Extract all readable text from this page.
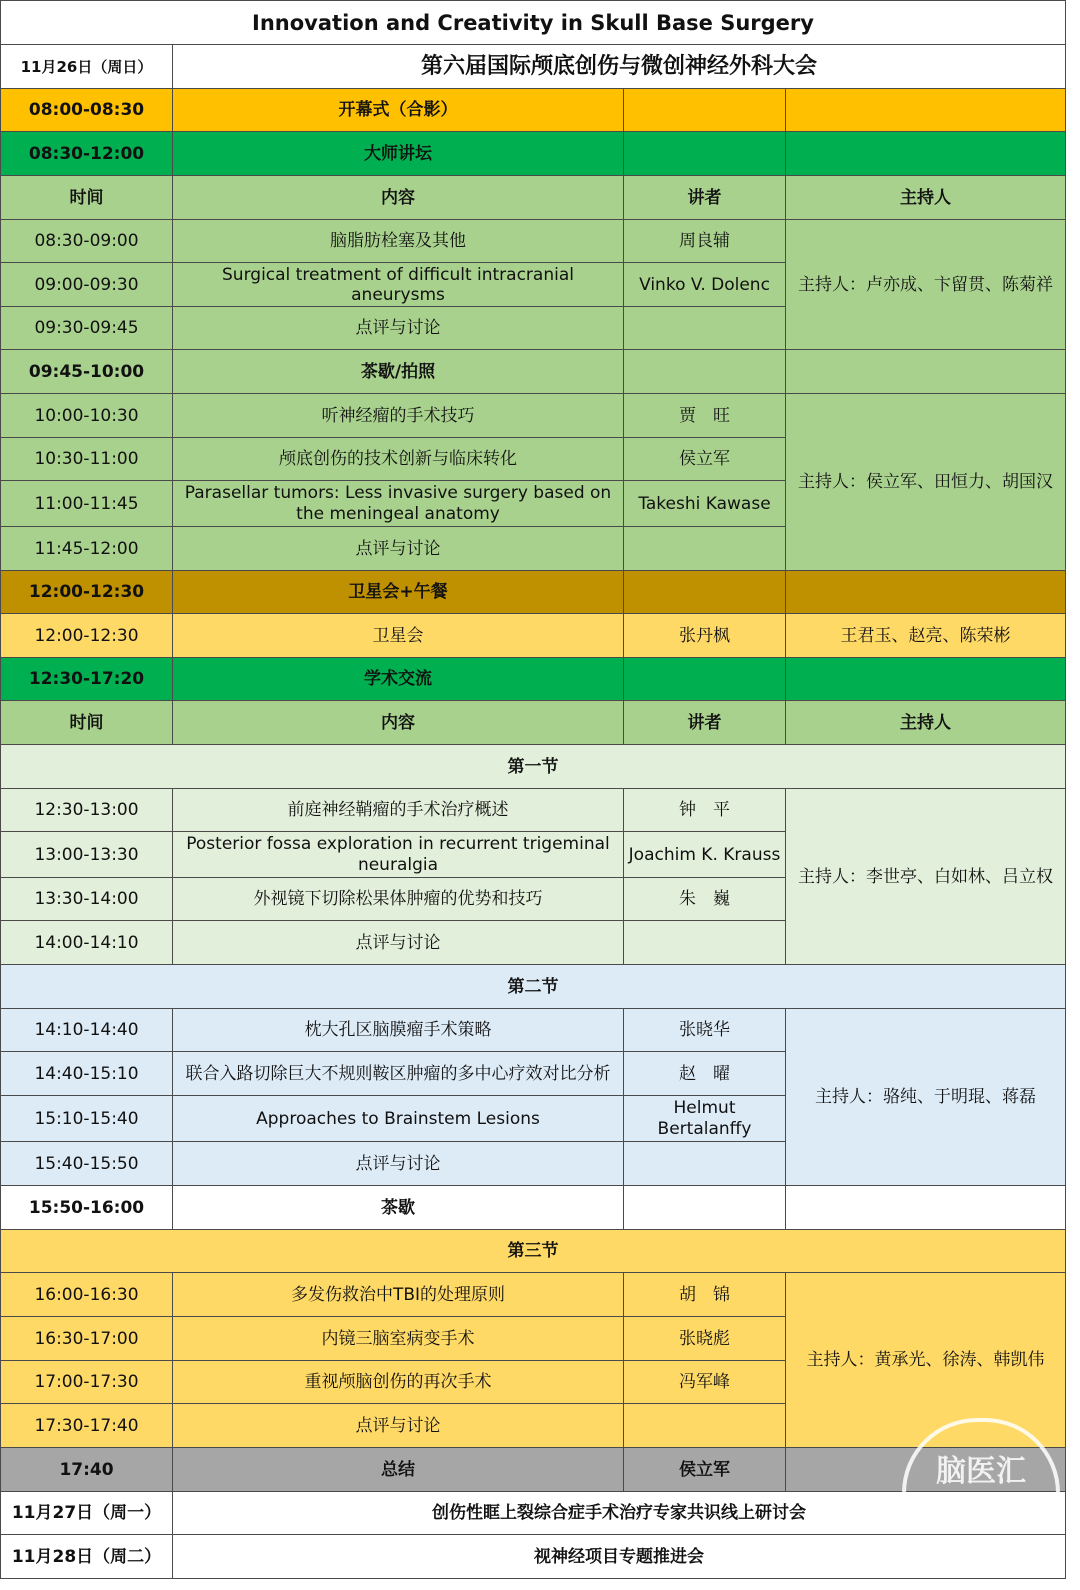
Innovation and Creativity in Skull Base Surgery			
11月26日（周日）	第六届国际颅底创伤与微创神经外科大会		
08:00-08:30	开幕式（合影）		
08:30-12:00	大师讲坛		
时间	内容	讲者	主持人
08:30-09:00	脑脂肪栓塞及其他	周良辅	主持人：卢亦成、卞留贯、陈菊祥
09:00-09:30	Surgical treatment of difficult intracranial aneurysms	Vinko V. Dolenc	
09:30-09:45	点评与讨论		
09:45-10:00	茶歇/拍照		
10:00-10:30	听神经瘤的手术技巧	贾　旺	主持人：侯立军、田恒力、胡国汉
10:30-11:00	颅底创伤的技术创新与临床转化	侯立军	
11:00-11:45	Parasellar tumors: Less invasive surgery based on the meningeal anatomy	Takeshi Kawase	
11:45-12:00	点评与讨论		
12:00-12:30	卫星会+午餐		
12:00-12:30	卫星会	张丹枫	王君玉、赵亮、陈荣彬
12:30-17:20	学术交流		
时间	内容	讲者	主持人
第一节			
12:30-13:00	前庭神经鞘瘤的手术治疗概述	钟　平	主持人：李世亭、白如林、吕立权
13:00-13:30	Posterior fossa exploration in recurrent trigeminal neuralgia	Joachim K. Krauss	
13:30-14:00	外视镜下切除松果体肿瘤的优势和技巧	朱　巍	
14:00-14:10	点评与讨论		
第二节			
14:10-14:40	枕大孔区脑膜瘤手术策略	张晓华	主持人：骆纯、于明琨、蒋磊
14:40-15:10	联合入路切除巨大不规则鞍区肿瘤的多中心疗效对比分析	赵　曜	
15:10-15:40	Approaches to Brainstem Lesions	Helmut Bertalanffy	

15:40-15:50	点评与讨论		
15:50-16:00	茶歇		
第三节			
16:00-16:30	多发伤救治中TBI的处理原则	胡　锦	主持人：黄承光、徐涛、韩凯伟
16:30-17:00	内镜三脑室病变手术	张晓彪	
17:00-17:30	重视颅脑创伤的再次手术	冯军峰	
17:30-17:40	点评与讨论		
17:40	总结	侯立军	
11月27日（周一）	创伤性眶上裂综合症手术治疗专家共识线上研讨会		
11月28日（周二）	视神经项目专题推进会		
脑医汇
